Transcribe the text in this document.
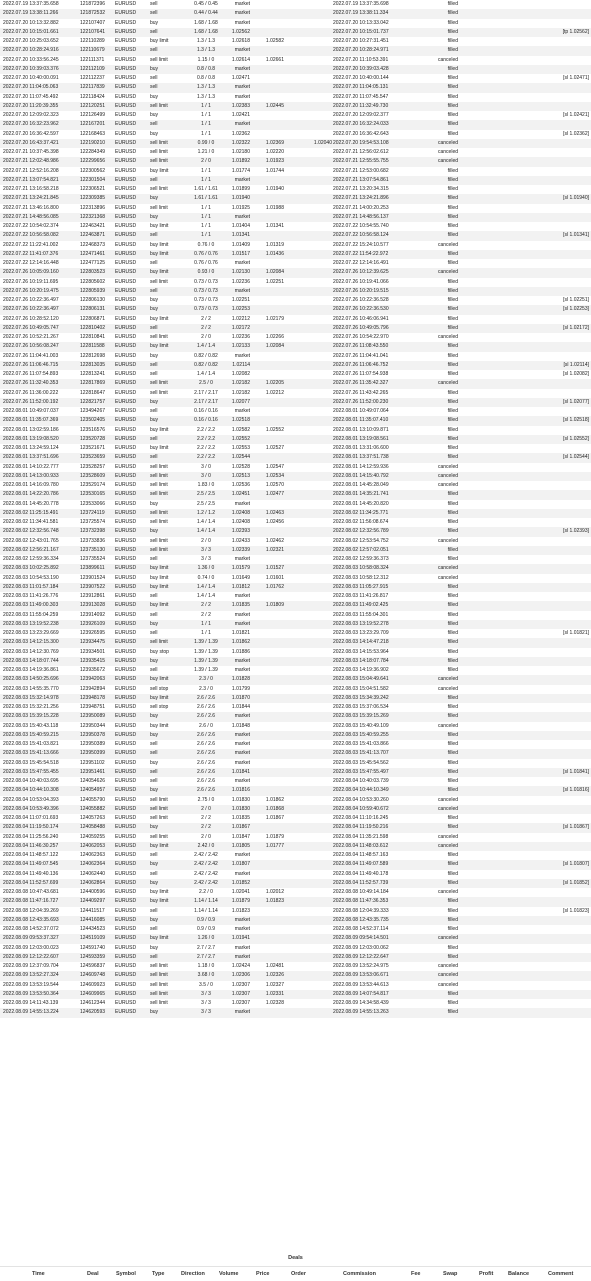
2022.07.19 13:37:35.658	121872396	EURUSD	sell	0.45 / 0.45	market	2022.07.19 13:37:35.698	filled
2022.07.19 13:38:11.266	121872532	EURUSD	sell	0.44 / 0.44	market	2022.07.19 13:38:11.334	filled
2022.07.20 10:13:32.882	122107407	EURUSD	buy	1.68 / 1.68	market	2022.07.20 10:13:33.042	filled
2022.07.20 10:15:01.661	122107641	EURUSD	sell	1.68 / 1.68	1.02562	2022.07.20 10:15:01.737	filled	[tp 1.02562]
2022.07.20 10:25:03.652	122110289	EURUSD	buy limit	1.3 / 1.3	1.02618	1.02582	2022.07.20 10:27:31.451	filled
2022.07.20 10:28:24.916	122110679	EURUSD	sell	1.3 / 1.3	market	2022.07.20 10:28:24.971	filled
2022.07.20 10:33:56.245	122111371	EURUSD	sell limit	1.15 / 0	1.02614	1.02661	2022.07.20 11:10:53.391	canceled
2022.07.20 10:39:03.376	122112109	EURUSD	buy	0.8 / 0.8	market	2022.07.20 10:39:03.428	filled
2022.07.20 10:40:00.091	122112237	EURUSD	sell	0.8 / 0.8	1.02471	2022.07.20 10:40:00.144	filled	[sl 1.02471]
2022.07.20 11:04:05.063	122117839	EURUSD	sell	1.3 / 1.3	market	2022.07.20 11:04:05.131	filled
2022.07.20 11:07:45.492	122118424	EURUSD	buy	1.3 / 1.3	market	2022.07.20 11:07:45.547	filled
2022.07.20 11:20:39.355	122120251	EURUSD	sell limit	1 / 1	1.02383	1.02445	2022.07.20 11:32:49.730	filled
2022.07.20 12:09:02.323	122126499	EURUSD	buy	1 / 1	1.02421	2022.07.20 12:09:02.377	filled	[sl 1.02421]
2022.07.20 16:32:23.962	122167201	EURUSD	sell	1 / 1	market	2022.07.20 16:32:24.033	filled
2022.07.20 16:36:42.597	122168463	EURUSD	buy	1 / 1	1.02362	2022.07.20 16:36:42.643	filled	[sl 1.02362]
2022.07.20 16:43:37.421	122190210	EURUSD	sell limit	0.99 / 0	1.02322	1.02369	1.02040 2022.07.20 19:54:53.108	canceled
2022.07.21 10:37:45.398	122284349	EURUSD	sell limit	1.21 / 0	1.02180	1.02220	2022.07.21 12:56:02.612	canceled
2022.07.21 12:02:48.986	122299656	EURUSD	sell limit	2 / 0	1.01892	1.01923	2022.07.21 12:55:55.755	canceled
2022.07.21 12:52:16.208	122300562	EURUSD	buy limit	1 / 1	1.01774	1.01744	2022.07.21 12:53:00.682	filled
2022.07.21 13:07:54.821	122301504	EURUSD	sell	1 / 1	market	2022.07.21 13:07:54.861	filled
2022.07.21 13:16:58.218	122306521	EURUSD	sell limit	1.61 / 1.61	1.01899	1.01940	2022.07.21 13:20:34.315	filled
2022.07.21 13:24:21.845	122309385	EURUSD	buy	1.61 / 1.61	1.01940	2022.07.21 13:24:21.896	filled	[sl 1.01940]
2022.07.21 13:46:16.800	122313896	EURUSD	sell limit	1 / 1	1.01925	1.01988	2022.07.21 14:00:20.253	filled
2022.07.21 14:48:56.085	122321368	EURUSD	buy	1 / 1	market	2022.07.21 14:48:56.137	filled
2022.07.22 10:54:02.374	122463421	EURUSD	buy limit	1 / 1	1.01404	1.01341	2022.07.22 10:54:55.740	filled
2022.07.22 10:56:58.082	122463871	EURUSD	sell	1 / 1	1.01341	2022.07.22 10:56:58.124	filled	[sl 1.01341]
2022.07.22 11:22:41.002	122468373	EURUSD	buy limit	0.76 / 0	1.01409	1.01319	2022.07.22 15:24:10.577	canceled
2022.07.22 11:41:07.376	122471461	EURUSD	buy limit	0.76 / 0.76	1.01517	1.01436	2022.07.22 11:54:22.972	filled
2022.07.22 12:14:16.448	122477125	EURUSD	sell	0.76 / 0.76	market	2022.07.22 12:14:16.491	filled
2022.07.26 10:05:09.160	122803523	EURUSD	buy limit	0.93 / 0	1.02130	1.02084	2022.07.26 10:12:39.625	canceled
2022.07.26 10:19:11.695	122805602	EURUSD	sell limit	0.73 / 0.73	1.02236	1.02251	2022.07.26 10:19:41.066	filled
2022.07.26 10:20:19.475	122805939	EURUSD	sell	0.73 / 0.73	market	2022.07.26 10:20:19.515	filled
2022.07.26 10:22:36.497	122806130	EURUSD	buy	0.73 / 0.73	1.02251	2022.07.26 10:22:36.528	filled	[sl 1.02251]
2022.07.26 10:22:36.497	122806131	EURUSD	buy	0.73 / 0.73	1.02253	2022.07.26 10:22:36.530	filled	[sl 1.02253]
2022.07.26 10:28:52.120	122806871	EURUSD	buy limit	2 / 2	1.02212	1.02179	2022.07.26 10:46:06.941	filled
2022.07.26 10:49:05.747	122810402	EURUSD	sell	2 / 2	1.02172	2022.07.26 10:49:05.796	filled	[sl 1.02172]
2022.07.26 10:52:21.267	122810841	EURUSD	sell limit	2 / 0	1.02236	1.02266	2022.07.26 10:54:22.970	canceled
2022.07.26 10:56:08.247	122811588	EURUSD	buy limit	1.4 / 1.4	1.02133	1.02084	2022.07.26 11:08:43.550	filled
2022.07.26 11:04:41.003	122812698	EURUSD	buy	0.82 / 0.82	market	2022.07.26 11:04:41.041	filled
2022.07.26 11:06:46.715	122813035	EURUSD	sell	0.82 / 0.82	1.02114	2022.07.26 11:06:46.752	filled	[sl 1.02114]
2022.07.26 11:07:54.893	122813241	EURUSD	sell	1.4 / 1.4	1.02082	2022.07.26 11:07:54.938	filled	[sl 1.02082]
2022.07.26 11:32:40.353	122817869	EURUSD	sell limit	2.5 / 0	1.02182	1.02205	2022.07.26 11:35:42.327	canceled
2022.07.26 11:36:00.222	122818647	EURUSD	sell limit	2.17 / 2.17	1.02182	1.02212	2022.07.26 11:43:42.265	filled
2022.07.26 11:52:00.192	122821757	EURUSD	buy	2.17 / 2.17	1.02077	2022.07.26 11:52:00.230	filled	[sl 1.02077]
2022.08.01 10:49:07.037	123494267	EURUSD	sell	0.16 / 0.16	market	2022.08.01 10:49:07.064	filled
2022.08.01 11:35:07.369	123502405	EURUSD	buy	0.16 / 0.16	1.02518	2022.08.01 11:35:07.410	filled	[sl 1.02518]
2022.08.01 13:02:59.186	123516576	EURUSD	buy limit	2.2 / 2.2	1.02582	1.02552	2022.08.01 13:10:09.871	filled
2022.08.01 13:19:08.520	123520728	EURUSD	sell	2.2 / 2.2	1.02552	2022.08.01 13:19:08.561	filled	[sl 1.02552]
2022.08.01 13:24:59.124	123521671	EURUSD	buy limit	2.2 / 2.2	1.02553	1.02527	2022.08.01 13:31:06.600	filled
2022.08.01 13:37:51.696	123523659	EURUSD	sell	2.2 / 2.2	1.02544	2022.08.01 13:37:51.738	filled	[sl 1.02544]
2022.08.01 14:10:22.777	123528257	EURUSD	sell limit	3 / 0	1.02528	1.02547	2022.08.01 14:12:59.936	canceled
2022.08.01 14:13:00.933	123528609	EURUSD	sell limit	3 / 0	1.02513	1.02534	2022.08.01 14:15:40.792	canceled
2022.08.01 14:16:09.780	123529174	EURUSD	sell limit	1.83 / 0	1.02536	1.02570	2022.08.01 14:45:28.049	canceled
2022.08.01 14:22:20.786	123530165	EURUSD	sell limit	2.5 / 2.5	1.02451	1.02477	2022.08.01 14:35:21.741	filled
2022.08.01 14:45:20.778	123533066	EURUSD	buy	2.5 / 2.5	market	2022.08.01 14:45:20.820	filled
2022.08.02 11:25:15.491	123724119	EURUSD	sell limit	1.2 / 1.2	1.02408	1.02463	2022.08.02 11:34:25.771	filled
2022.08.02 11:34:41.581	123725574	EURUSD	sell limit	1.4 / 1.4	1.02408	1.02456	2022.08.02 11:56:08.674	filled
2022.08.02 12:32:56.748	123732398	EURUSD	buy	1.4 / 1.4	1.02393	2022.08.02 12:32:56.789	filled	[sl 1.02393]
2022.08.02 12:43:01.765	123733836	EURUSD	sell limit	2 / 0	1.02433	1.02462	2022.08.02 12:53:54.752	canceled
2022.08.02 12:56:21.167	123735130	EURUSD	sell limit	3 / 3	1.02339	1.02321	2022.08.02 12:57:02.051	filled
2022.08.02 12:59:36.334	123735524	EURUSD	sell	3 / 3	market	2022.08.02 12:59:36.373	filled
2022.08.03 10:02:25.892	123899611	EURUSD	buy limit	1.36 / 0	1.01579	1.01527	2022.08.03 10:58:08.324	canceled
2022.08.03 10:54:53.190	123901524	EURUSD	buy limit	0.74 / 0	1.01649	1.01601	2022.08.03 10:58:12.312	canceled
2022.08.03 11:01:57.184	123907522	EURUSD	buy limit	1.4 / 1.4	1.01812	1.01762	2022.08.03 11:05:27.915	filled
2022.08.03 11:41:26.776	123912861	EURUSD	sell	1.4 / 1.4	market	2022.08.03 11:41:26.817	filled
2022.08.03 11:49:00.303	123913028	EURUSD	buy limit	2 / 2	1.01835	1.01809	2022.08.03 11:49:02.425	filled
2022.08.03 11:55:04.259	123914092	EURUSD	sell	2 / 2	market	2022.08.03 11:55:04.301	filled
2022.08.03 13:19:52.238	123926109	EURUSD	buy	1 / 1	market	2022.08.03 13:19:52.278	filled
2022.08.03 13:23:29.669	123926595	EURUSD	sell	1 / 1	1.01821	2022.08.03 13:23:29.709	filled	[sl 1.01821]
2022.08.03 14:12:15.300	123934475	EURUSD	sell limit	1.39 / 1.39	1.01862	2022.08.03 14:14:47.218	filled
2022.08.03 14:12:30.769	123934501	EURUSD	buy stop	1.39 / 1.39	1.01886	2022.08.03 14:15:53.964	filled
2022.08.03 14:18:07.744	123935415	EURUSD	buy	1.39 / 1.39	market	2022.08.03 14:18:07.784	filled
2022.08.03 14:19:36.861	123935672	EURUSD	sell	1.39 / 1.39	market	2022.08.03 14:19:36.902	filled
2022.08.03 14:50:25.696	123942063	EURUSD	buy limit	2.3 / 0	1.01828	2022.08.03 15:04:49.641	canceled
2022.08.03 14:55:35.770	123942894	EURUSD	sell stop	2.3 / 0	1.01799	2022.08.03 15:04:51.582	canceled
2022.08.03 15:32:14.978	123948178	EURUSD	buy limit	2.6 / 2.6	1.01870	2022.08.03 15:34:39.242	filled
2022.08.03 15:32:21.256	123948751	EURUSD	sell stop	2.6 / 2.6	1.01844	2022.08.03 15:37:06.534	filled
2022.08.03 15:39:15.228	123950089	EURUSD	buy	2.6 / 2.6	market	2022.08.03 15:39:15.269	filled
2022.08.03 15:40:43.118	123950344	EURUSD	buy limit	2.6 / 0	1.01848	2022.08.03 15:40:49.109	canceled
2022.08.03 15:40:59.215	123950378	EURUSD	buy	2.6 / 2.6	market	2022.08.03 15:40:59.255	filled
2022.08.03 15:41:03.821	123950389	EURUSD	sell	2.6 / 2.6	market	2022.08.03 15:41:03.866	filled
2022.08.03 15:41:13.666	123950399	EURUSD	sell	2.6 / 2.6	market	2022.08.03 15:41:13.707	filled
2022.08.03 15:45:54.518	123951102	EURUSD	buy	2.6 / 2.6	market	2022.08.03 15:45:54.562	filled
2022.08.03 15:47:55.455	123951461	EURUSD	sell	2.6 / 2.6	1.01841	2022.08.03 15:47:55.497	filled	[sl 1.01841]
2022.08.04 10:40:03.695	124054626	EURUSD	sell	2.6 / 2.6	market	2022.08.04 10:40:03.739	filled
2022.08.04 10:44:10.308	124054957	EURUSD	buy	2.6 / 2.6	1.01816	2022.08.04 10:44:10.349	filled	[sl 1.01816]
2022.08.04 10:53:04.393	124055790	EURUSD	sell limit	2.75 / 0	1.01830	1.01862	2022.08.04 10:53:30.260	canceled
2022.08.04 10:53:49.396	124055882	EURUSD	sell limit	2 / 0	1.01830	1.01868	2022.08.04 10:59:40.672	canceled
2022.08.04 11:07:01.693	124057263	EURUSD	sell limit	2 / 2	1.01835	1.01867	2022.08.04 11:10:16.245	filled
2022.08.04 11:19:50.174	124058488	EURUSD	buy	2 / 2	1.01867	2022.08.04 11:19:50.216	filled	[sl 1.01867]
2022.08.04 11:25:56.240	124059255	EURUSD	sell limit	2 / 0	1.01847	1.01879	2022.08.04 11:35:21.598	canceled
2022.08.04 11:46:30.257	124062053	EURUSD	buy limit	2.42 / 0	1.01805	1.01777	2022.08.04 11:48:03.612	canceled
2022.08.04 11:48:57.122	124062363	EURUSD	sell	2.42 / 2.42	market	2022.08.04 11:48:57.163	filled
2022.08.04 11:49:07.545	124062364	EURUSD	buy	2.42 / 2.42	1.01807	2022.08.04 11:49:07.589	filled	[sl 1.01807]
2022.08.04 11:49:40.136	124062440	EURUSD	sell	2.42 / 2.42	market	2022.08.04 11:49:40.178	filled
2022.08.04 11:52:57.699	124062864	EURUSD	buy	2.42 / 2.42	1.01852	2022.08.04 11:52:57.739	filled	[sl 1.01852]
2022.08.08 10:47:43.681	124400596	EURUSD	buy limit	2.2 / 0	1.02041	1.02012	2022.08.08 10:49:14.184	canceled
2022.08.08 11:47:16.727	124409297	EURUSD	buy limit	1.14 / 1.14	1.01879	1.01823	2022.08.08 11:47:36.353	filled
2022.08.08 12:04:39.269	124411517	EURUSD	sell	1.14 / 1.14	1.01823	2022.08.08 12:04:39.333	filled	[sl 1.01823]
2022.08.08 12:43:35.693	124416085	EURUSD	buy	0.9 / 0.9	market	2022.08.08 12:43:35.735	filled
2022.08.08 14:52:37.072	124434523	EURUSD	sell	0.9 / 0.9	market	2022.08.08 14:52:37.114	filled
2022.08.09 09:53:37.327	124519109	EURUSD	buy limit	1.26 / 0	1.01941	2022.08.09 09:54:14.501	canceled
2022.08.09 12:03:00.023	124591740	EURUSD	buy	2.7 / 2.7	market	2022.08.09 12:03:00.062	filled
2022.08.09 12:12:22.607	124593359	EURUSD	sell	2.7 / 2.7	market	2022.08.09 12:12:22.647	filled
2022.08.09 12:37:09.704	124596837	EURUSD	sell limit	1.18 / 0	1.02424	1.02481	2022.08.09 13:52:24.975	canceled
2022.08.09 13:52:27.324	124609748	EURUSD	sell limit	3.68 / 0	1.02306	1.02326	2022.08.09 13:53:06.671	canceled
2022.08.09 13:53:19.544	124609923	EURUSD	sell limit	3.5 / 0	1.02307	1.02327	2022.08.09 13:53:44.613	canceled
2022.08.09 13:53:50.364	124609965	EURUSD	sell limit	3 / 3	1.02307	1.02331	2022.08.09 14:07:54.817	filled
2022.08.09 14:11:43.139	124612344	EURUSD	sell limit	3 / 3	1.02307	1.02328	2022.08.09 14:34:58.439	filled
2022.08.09 14:55:13.224	124620593	EURUSD	buy	3 / 3	market	2022.08.09 14:55:13.263	filled
Deals
Time	Deal	Symbol	Type	Direction	Volume	Price	Order	Commission	Fee	Swap	Profit	Balance	Comment
